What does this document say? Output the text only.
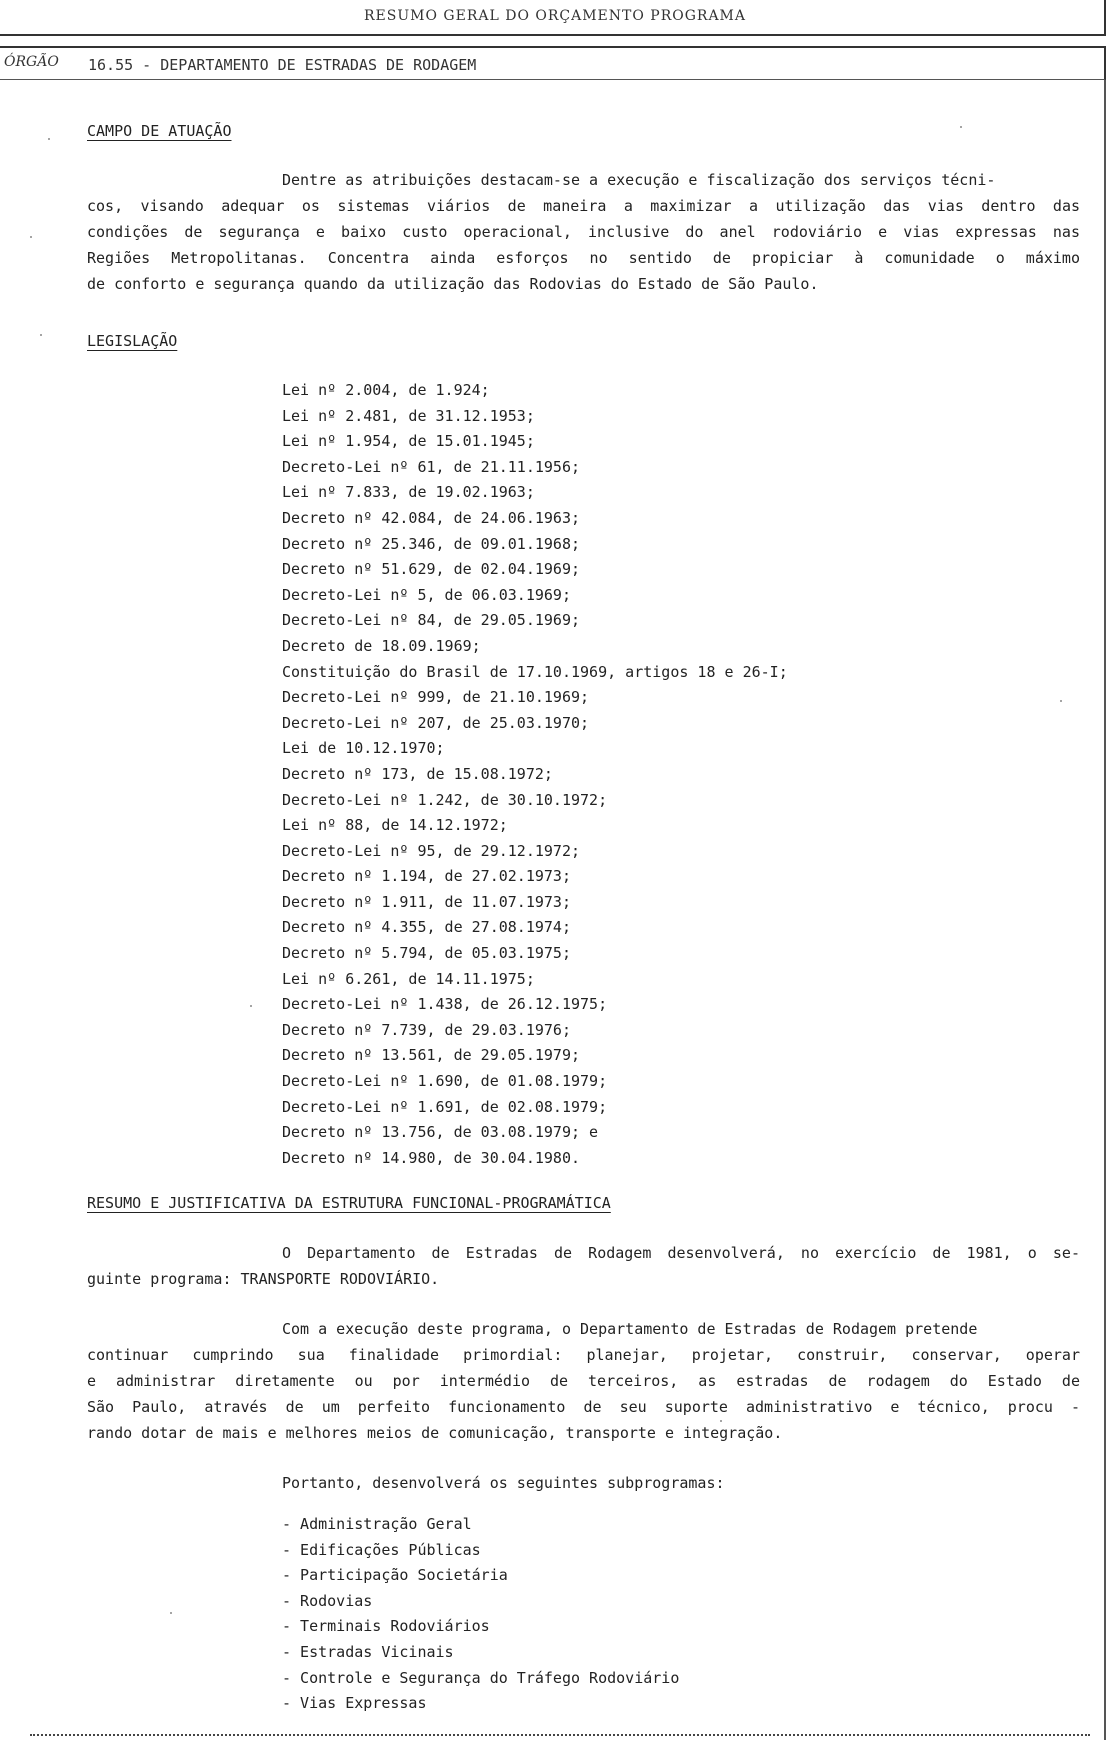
RESUMO GERAL DO ORÇAMENTO PROGRAMA
ÓRGÃO 16.55 - DEPARTAMENTO DE ESTRADAS DE RODAGEM
CAMPO DE ATUAÇÃO
Dentre as atribuições destacam-se a execução e fiscalização dos serviços técni-
cos, visando adequar os sistemas viários de maneira a maximizar a utilização das vias dentro das
condições de segurança e baixo custo operacional, inclusive do anel rodoviário e vias expressas nas
Regiões Metropolitanas. Concentra ainda esforços no sentido de propiciar à comunidade o máximo
de conforto e segurança quando da utilização das Rodovias do Estado de São Paulo.
LEGISLAÇÃO
Lei nº 2.004, de 1.924;
Lei nº 2.481, de 31.12.1953;
Lei nº 1.954, de 15.01.1945;
Decreto-Lei nº 61, de 21.11.1956;
Lei nº 7.833, de 19.02.1963;
Decreto nº 42.084, de 24.06.1963;
Decreto nº 25.346, de 09.01.1968;
Decreto nº 51.629, de 02.04.1969;
Decreto-Lei nº 5, de 06.03.1969;
Decreto-Lei nº 84, de 29.05.1969;
Decreto de 18.09.1969;
Constituição do Brasil de 17.10.1969, artigos 18 e 26-I;
Decreto-Lei nº 999, de 21.10.1969;
Decreto-Lei nº 207, de 25.03.1970;
Lei de 10.12.1970;
Decreto nº 173, de 15.08.1972;
Decreto-Lei nº 1.242, de 30.10.1972;
Lei nº 88, de 14.12.1972;
Decreto-Lei nº 95, de 29.12.1972;
Decreto nº 1.194, de 27.02.1973;
Decreto nº 1.911, de 11.07.1973;
Decreto nº 4.355, de 27.08.1974;
Decreto nº 5.794, de 05.03.1975;
Lei nº 6.261, de 14.11.1975;
Decreto-Lei nº 1.438, de 26.12.1975;
Decreto nº 7.739, de 29.03.1976;
Decreto nº 13.561, de 29.05.1979;
Decreto-Lei nº 1.690, de 01.08.1979;
Decreto-Lei nº 1.691, de 02.08.1979;
Decreto nº 13.756, de 03.08.1979; e
Decreto nº 14.980, de 30.04.1980.
RESUMO E JUSTIFICATIVA DA ESTRUTURA FUNCIONAL-PROGRAMÁTICA
O Departamento de Estradas de Rodagem desenvolverá, no exercício de 1981, o se-
guinte programa: TRANSPORTE RODOVIÁRIO.
Com a execução deste programa, o Departamento de Estradas de Rodagem pretende
continuar cumprindo sua finalidade primordial: planejar, projetar, construir, conservar, operar
e administrar diretamente ou por intermédio de terceiros, as estradas de rodagem do Estado de
São Paulo, através de um perfeito funcionamento de seu suporte administrativo e técnico, procu -
rando dotar de mais e melhores meios de comunicação, transporte e integração.
Portanto, desenvolverá os seguintes subprogramas:
- Administração Geral
- Edificações Públicas
- Participação Societária
- Rodovias
- Terminais Rodoviários
- Estradas Vicinais
- Controle e Segurança do Tráfego Rodoviário
- Vias Expressas
